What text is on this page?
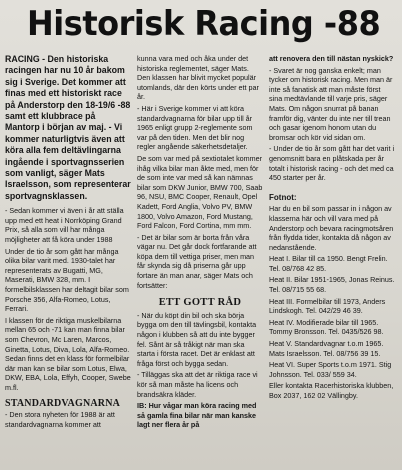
Historisk Racing -88

RACING - Den historiska racingen har nu 10 år bakom sig i Sverige. Det kommer att finas med ett historiskt race på Anderstorp den 18-19/6 -88 samt ett klubbrace på Mantorp i början av maj. - Vi kommer naturligtvis även att köra alla fem deltävlingarna ingående i sportvagnsserien som vanligt, säger Mats Israelsson, som representerar sportvagnsklassen.

- Sedan kommer vi även i år att ställa upp med ett heat i Norrköping Grand Prix, så alla som vill har många möjligheter att få köra under 1988

Under de tio år som gått har många olika bilar varit med. 1930-talet har representerats av Bugatti, MG, Maserati, BMW 328, mm. I formelbilsklassen har deltagit bilar som Porsche 356, Alfa-Romeo, Lotus, Ferrari.

I klassen för de riktiga muskelbilarna mellan 65 och -71 kan man finna bilar som Chevron, Mc Laren, Marcos, Ginetta, Lotus, Diva, Lola, Alfa-Romeo. Sedan finns det en klass för formelbilar där man kan se bilar som Lotus, Elwa, DKW, EBA, Lola, Effyh, Cooper, Swebe m.fl.

STANDARDVAGNARNA

- Den stora nyheten för 1988 är att standardvagnarna kommer att

kunna vara med och åka under det historiska reglementet, säger Mats. Den klassen har blivit mycket populär utomlands, där den körts under ett par år.

- Här i Sverige kommer vi att köra standardvagnarna för bilar upp till år 1965 enligt grupp 2-reglemente som var på den tiden. Men det blir nog regler angående säkerhetsdetaljer.

De som var med på sextiotalet kommer ihåg vilka bilar man åkte med, men för de som inte var med så kan nämnas bilar som DKW Junior, BMW 700, Saab 96, NSU, BMC Cooper, Renault, Opel Kadett, Ford Anglia, Volvo PV, BMW 1800, Volvo Amazon, Ford Mustang, Ford Falcon, Ford Cortina, mm mm.

- Det är bilar som är borta från våra vägar nu. Det går dock fortfarande att köpa dem till vettiga priser, men man får skynda sig då priserna går upp fortare än man anar, säger Mats och fortsätter:

ETT GOTT RÅD

- När du köpt din bil och ska börja bygga om den till tävlingsbil, kontakta någon i klubben så att du inte bygger fel. Sånt är så tråkigt när man ska starta i första racet. Det är enklast att fråga först och bygga sedan.

- Tilläggas ska att det är riktiga race vi kör så man måste ha licens och brandsäkra kläder.

IB: Hur vågar man köra racing med så gamla fina bilar när man kanske lagt ner flera år på

att renovera den till nästan nyskick?

- Svaret är nog ganska enkelt; man tycker om historisk racing. Men man är inte så fanatisk att man måste först sina medtävlande till varje pris, säger Mats. Om någon snurrat på banan framför dig, vänter du inte ner till trean och gasar igenom honom utan du bromsar och kör vid sidan om.

- Under de tio år som gått har det varit i genomsnitt bara en plåtskada per år totalt i historisk racing - och det med ca 450 starter per år.

Fotnot:

Har du en bil som passar in i någon av klasserna här och vill vara med på Anderstorp och bevara racingmotsåren från flydda tider, kontakta då någon av nedanstående.

Heat I. Bilar till ca 1950. Bengt Frelin. Tel. 08/768 42 85.

Heat II. Bilar 1951-1965, Jonas Reinus. Tel. 08/715 55 68.

Heat III. Formelbilar till 1973, Anders Lindskogh. Tel. 042/29 46 39.

Heat IV. Modifierade bilar till 1965. Tommy Bronsson. Tel. 0435/526 98.

Heat V. Standardvagnar t.o.m 1965. Mats Israelsson. Tel. 08/756 39 15.

Heat VI. Super Sports t.o.m 1971. Stig Johnsson. Tel. 033/ 559 34.

Eller kontakta Racerhistoriska klubben, Box 2037, 162 02 Vällingby.
